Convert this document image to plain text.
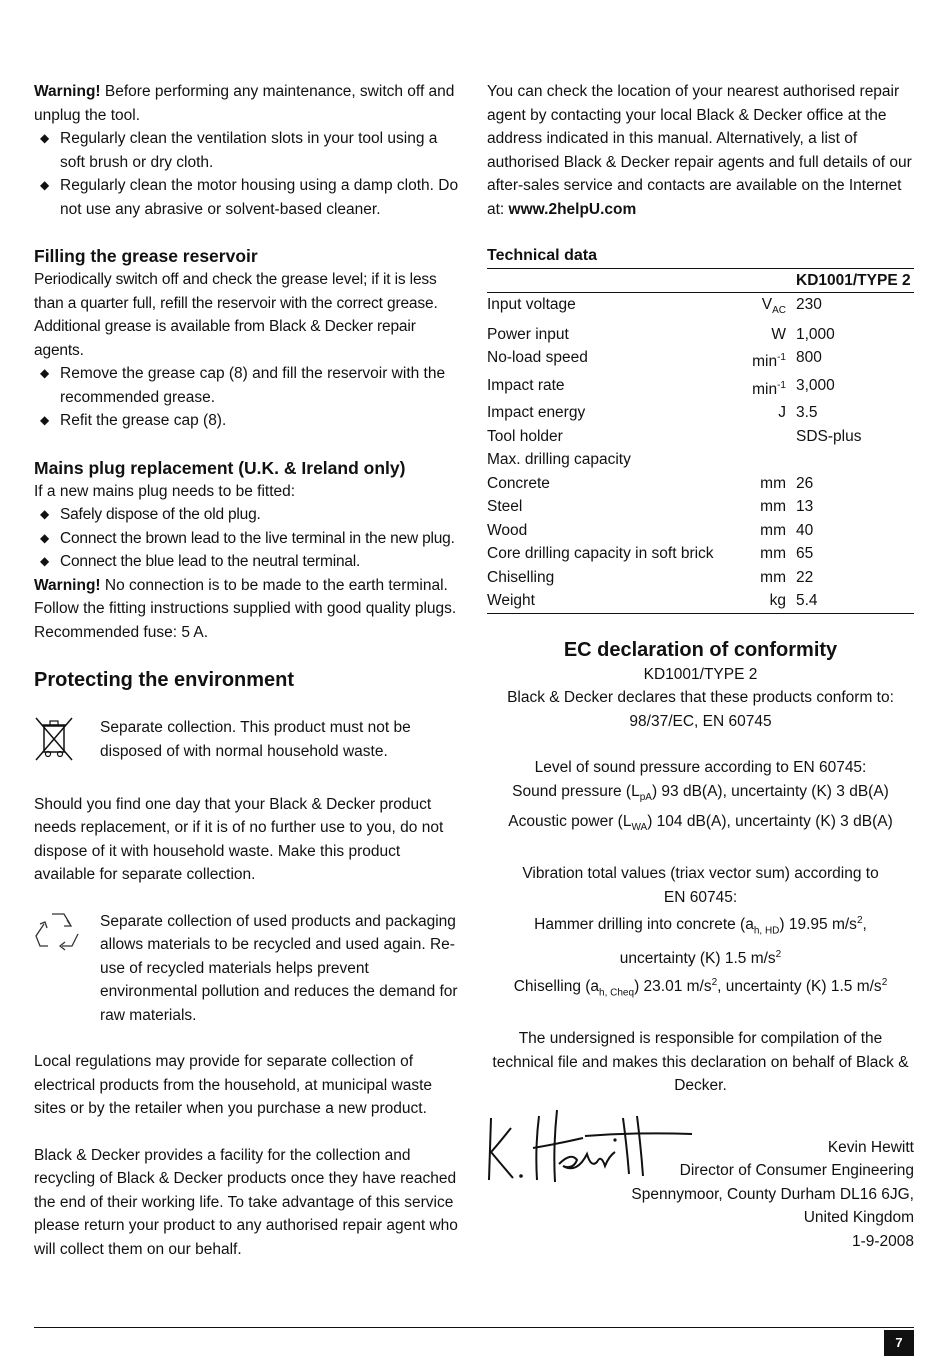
Warning! Before performing any maintenance, switch off and unplug the tool.

◆ Regularly clean the ventilation slots in your tool using a soft brush or dry cloth.
◆ Regularly clean the motor housing using a damp cloth. Do not use any abrasive or solvent-based cleaner.
Filling the grease reservoir

Periodically switch off and check the grease level; if it is less than a quarter full, refill the reservoir with the correct grease. Additional grease is available from Black & Decker repair agents.

◆ Remove the grease cap (8) and fill the reservoir with the recommended grease.
◆ Refit the grease cap (8).
Mains plug replacement (U.K. & Ireland only)

If a new mains plug needs to be fitted:

◆ Safely dispose of the old plug.
◆ Connect the brown lead to the live terminal in the new plug.
◆ Connect the blue lead to the neutral terminal.

Warning! No connection is to be made to the earth terminal. Follow the fitting instructions supplied with good quality plugs. Recommended fuse: 5 A.

Protecting the environment

Separate collection. This product must not be disposed of with normal household waste.

Should you find one day that your Black & Decker product needs replacement, or if it is of no further use to you, do not dispose of it with household waste. Make this product available for separate collection.

Separate collection of used products and packaging allows materials to be recycled and used again. Re-use of recycled materials helps prevent environmental pollution and reduces the demand for raw materials.

Local regulations may provide for separate collection of electrical products from the household, at municipal waste sites or by the retailer when you purchase a new product.

Black & Decker provides a facility for the collection and recycling of Black & Decker products once they have reached the end of their working life. To take advantage of this service please return your product to any authorised repair agent who will collect them on our behalf.

You can check the location of your nearest authorised repair agent by contacting your local Black & Decker office at the address indicated in this manual. Alternatively, a list of authorised Black & Decker repair agents and full details of our after-sales service and contacts are available on the Internet at: www.2helpU.com

Technical data

		KD1001/TYPE 2
Input voltage	$V_{AC}$	230
Power input	W	1,000
No-load speed	$\min^{-1}$	800
Impact rate	$\min^{-1}$	3,000
Impact energy	J	3.5
Tool holder		SDS-plus
Max. drilling capacity		
Concrete	mm	26
Steel	mm	13
Wood	mm	40
Core drilling capacity in soft brick	mm	65
Chiselling	mm	22
Weight	kg	5.4

EC declaration of conformity

KD1001/TYPE 2

Black & Decker declares that these products conform to:

98/37/EC, EN 60745

Level of sound pressure according to EN 60745:

Sound pressure $(L_{pA})$ 93 dB(A), uncertainty (K) 3 dB(A)

Acoustic power $(L_{WA})$ 104 dB(A), uncertainty (K) 3 dB(A)

Vibration total values (triax vector sum) according to

EN 60745:

Hammer drilling into concrete $(a_{h, HD})$ 19.95 $m/s^2$,

uncertainty (K) 1.5 $m/s^2$

Chiselling $(a_{h, Cheq})$ 23.01 $m/s^2$, uncertainty (K) 1.5 $m/s^2$

The undersigned is responsible for compilation of the technical file and makes this declaration on behalf of Black & Decker.

Kevin Hewitt

Director of Consumer Engineering

Spennymoor, County Durham DL16 6JG,

United Kingdom

1-9-2008

7
